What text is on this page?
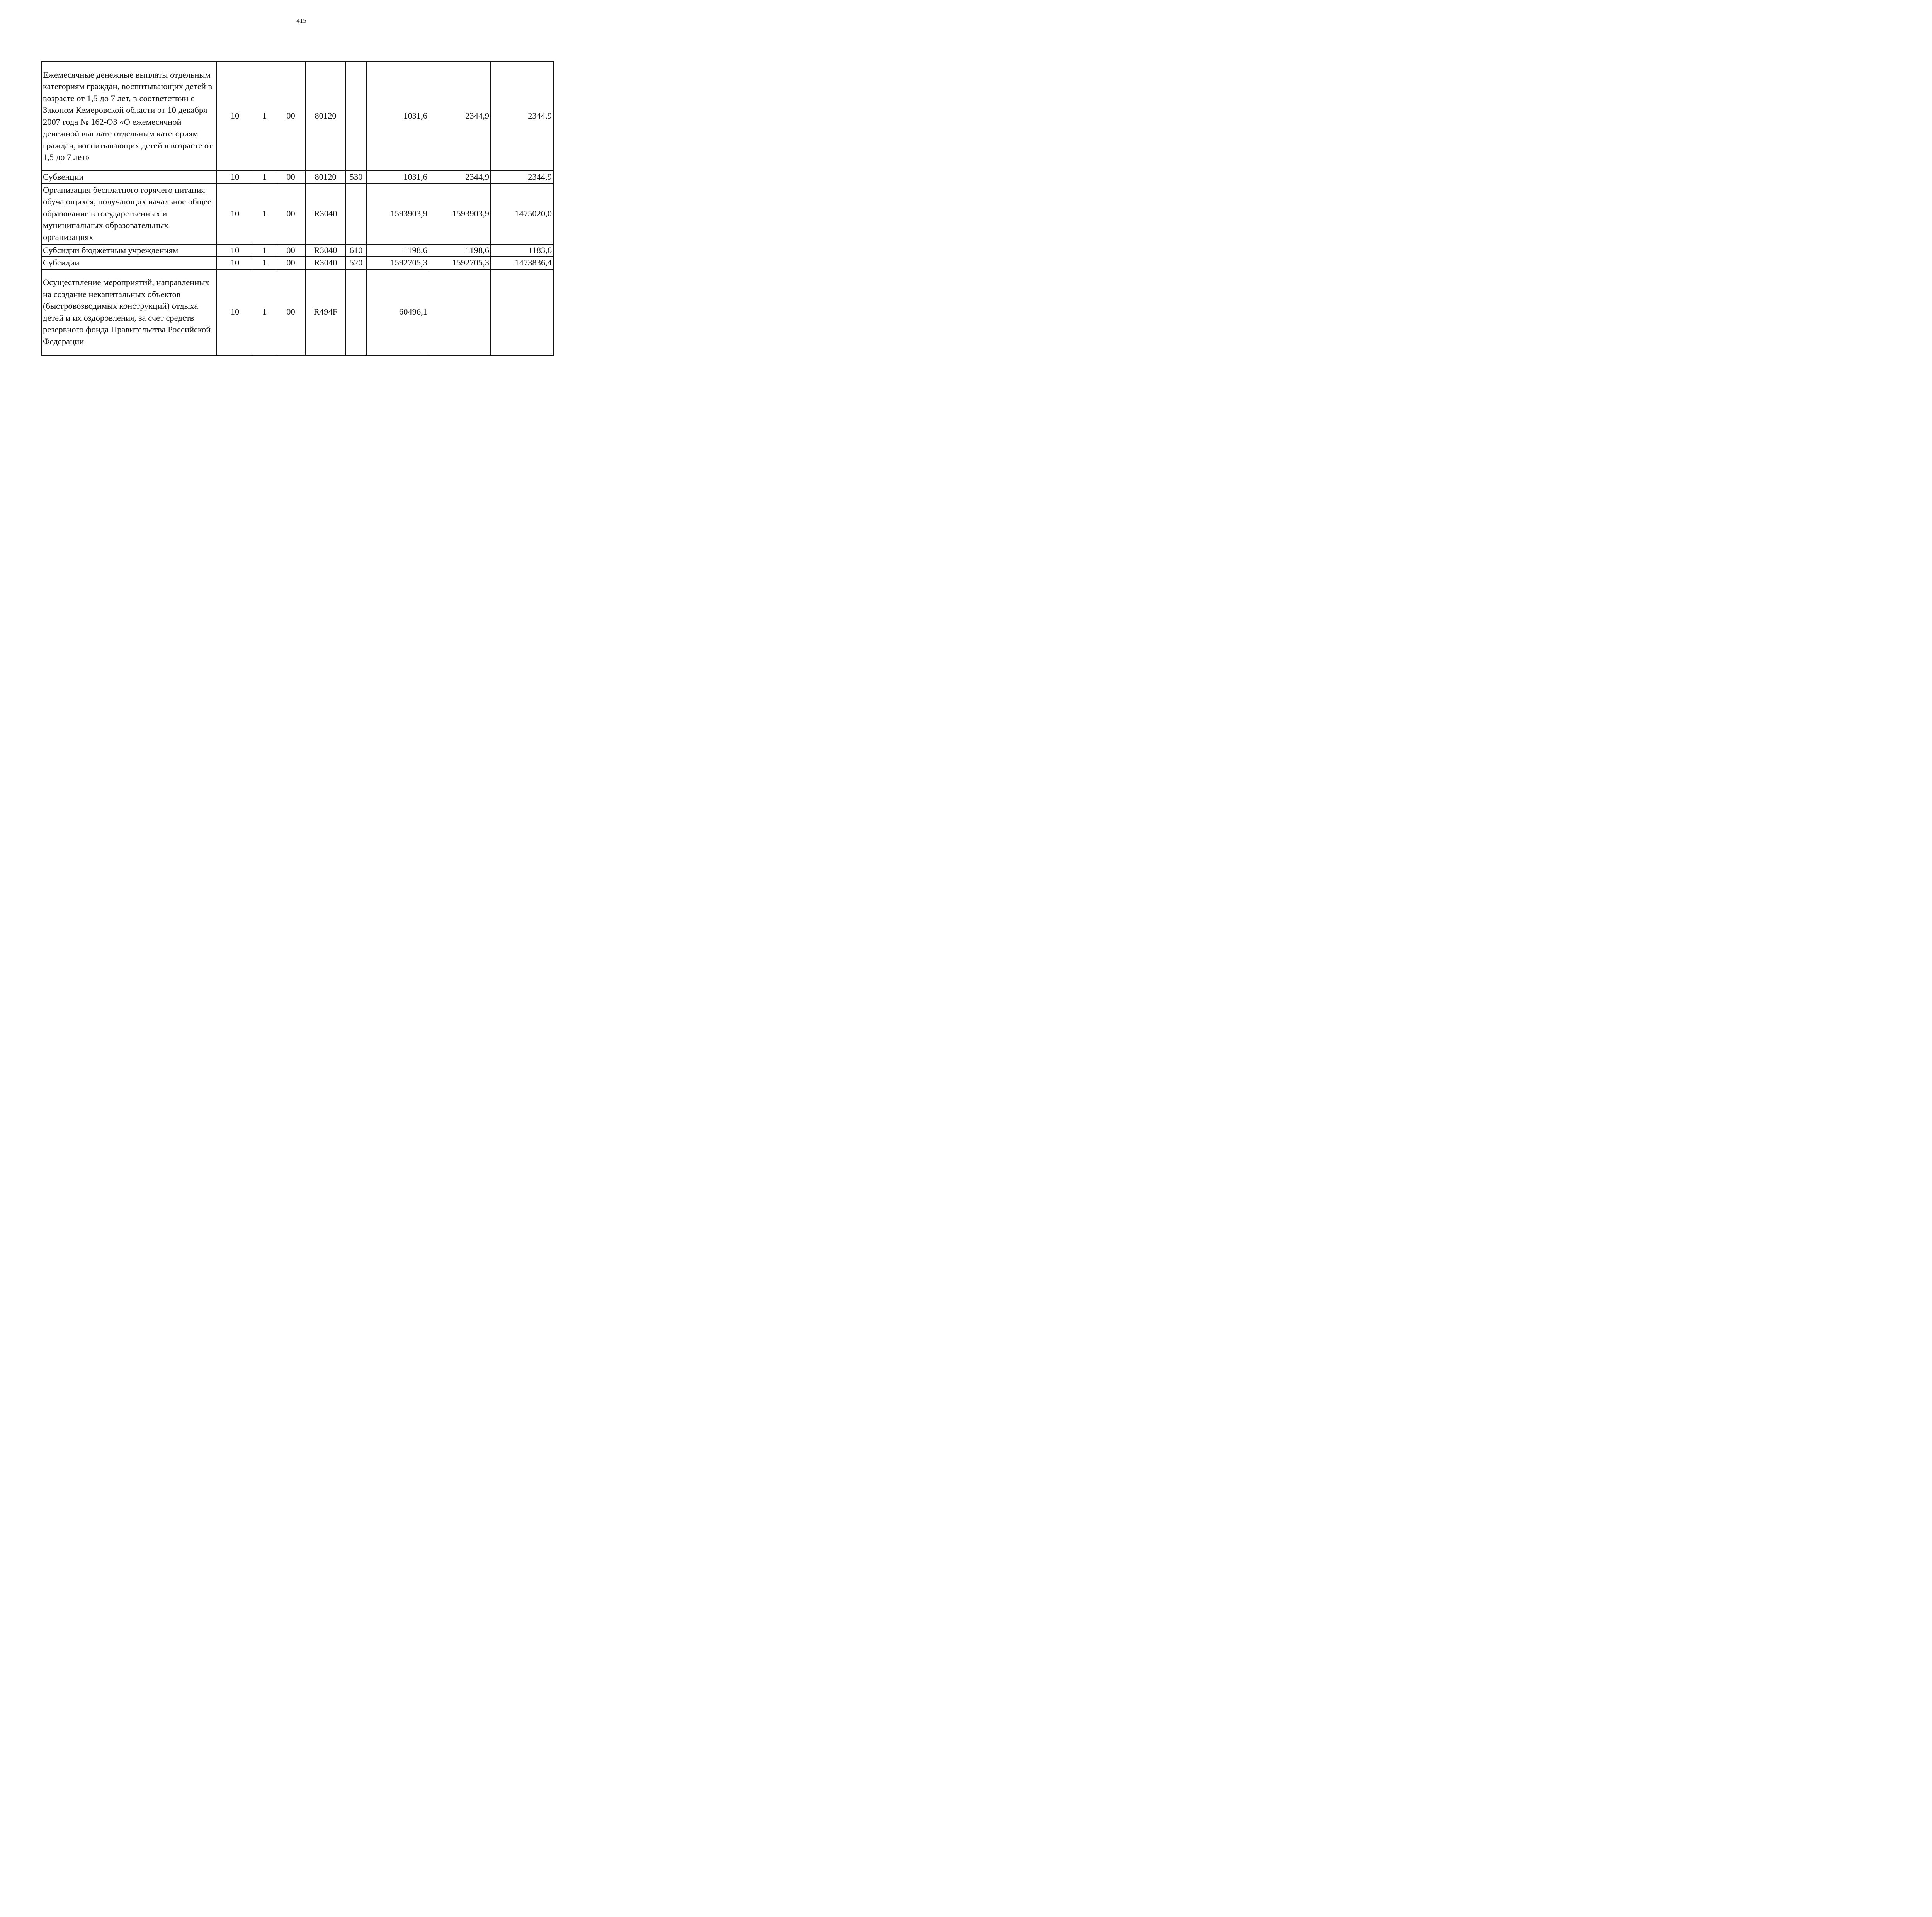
415
Ежемесячные денежные выплаты отдельным категориям граждан, воспитывающих детей в возрасте от 1,5 до 7 лет, в соответствии с Законом Кемеровской области от 10 декабря 2007 года № 162-ОЗ «О ежемесячной денежной выплате отдельным категориям граждан, воспитывающих детей в возрасте от 1,5 до 7 лет»	10	1	00	80120		1031,6	2344,9	2344,9
Субвенции	10	1	00	80120	530	1031,6	2344,9	2344,9
Организация бесплатного горячего питания обучающихся, получающих начальное общее образование в государственных и муниципальных образовательных организациях	10	1	00	R3040		1593903,9	1593903,9	1475020,0
Субсидии бюджетным учреждениям	10	1	00	R3040	610	1198,6	1198,6	1183,6
Субсидии	10	1	00	R3040	520	1592705,3	1592705,3	1473836,4
Осуществление мероприятий, направленных на создание некапитальных объектов (быстровозводимых конструкций) отдыха детей и их оздоровления, за счет средств резервного фонда Правительства Российской Федерации	10	1	00	R494F		60496,1		
